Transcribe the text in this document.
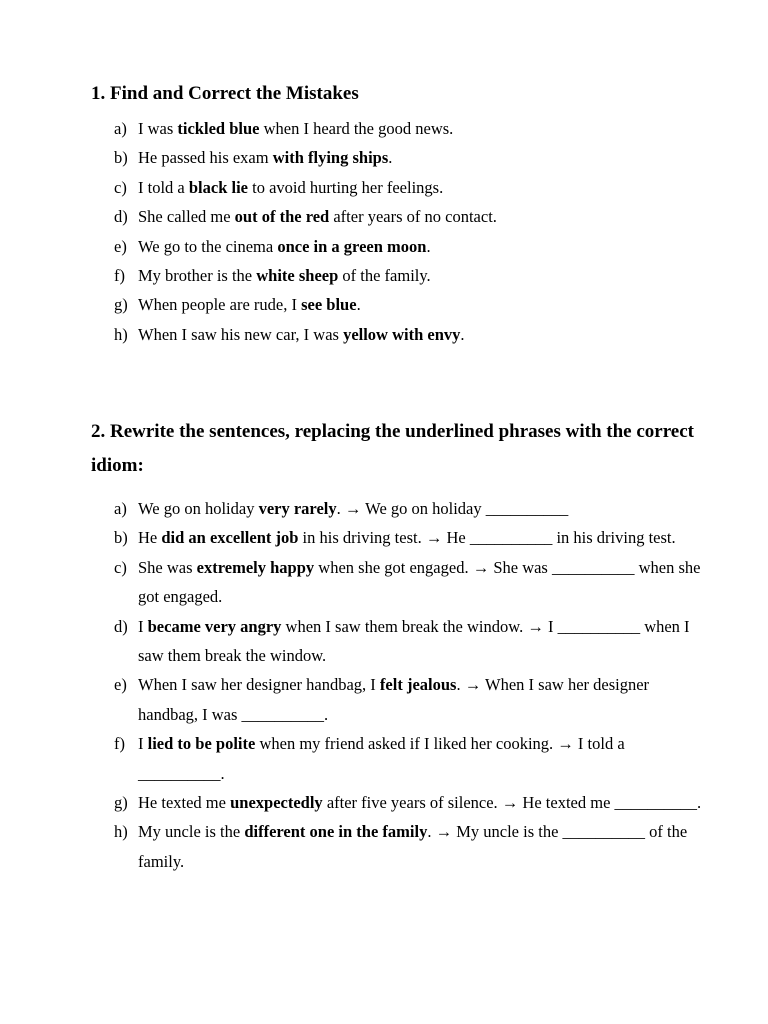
1. Find and Correct the Mistakes
a) I was tickled blue when I heard the good news.
b) He passed his exam with flying ships.
c) I told a black lie to avoid hurting her feelings.
d) She called me out of the red after years of no contact.
e) We go to the cinema once in a green moon.
f) My brother is the white sheep of the family.
g) When people are rude, I see blue.
h) When I saw his new car, I was yellow with envy.
2. Rewrite the sentences, replacing the underlined phrases with the correct idiom:
a) We go on holiday very rarely. → We go on holiday __________
b) He did an excellent job in his driving test. → He __________ in his driving test.
c) She was extremely happy when she got engaged. → She was __________ when she got engaged.
d) I became very angry when I saw them break the window. → I __________ when I saw them break the window.
e) When I saw her designer handbag, I felt jealous. → When I saw her designer handbag, I was __________.
f) I lied to be polite when my friend asked if I liked her cooking. → I told a __________.
g) He texted me unexpectedly after five years of silence. → He texted me __________.
h) My uncle is the different one in the family. → My uncle is the __________ of the family.
